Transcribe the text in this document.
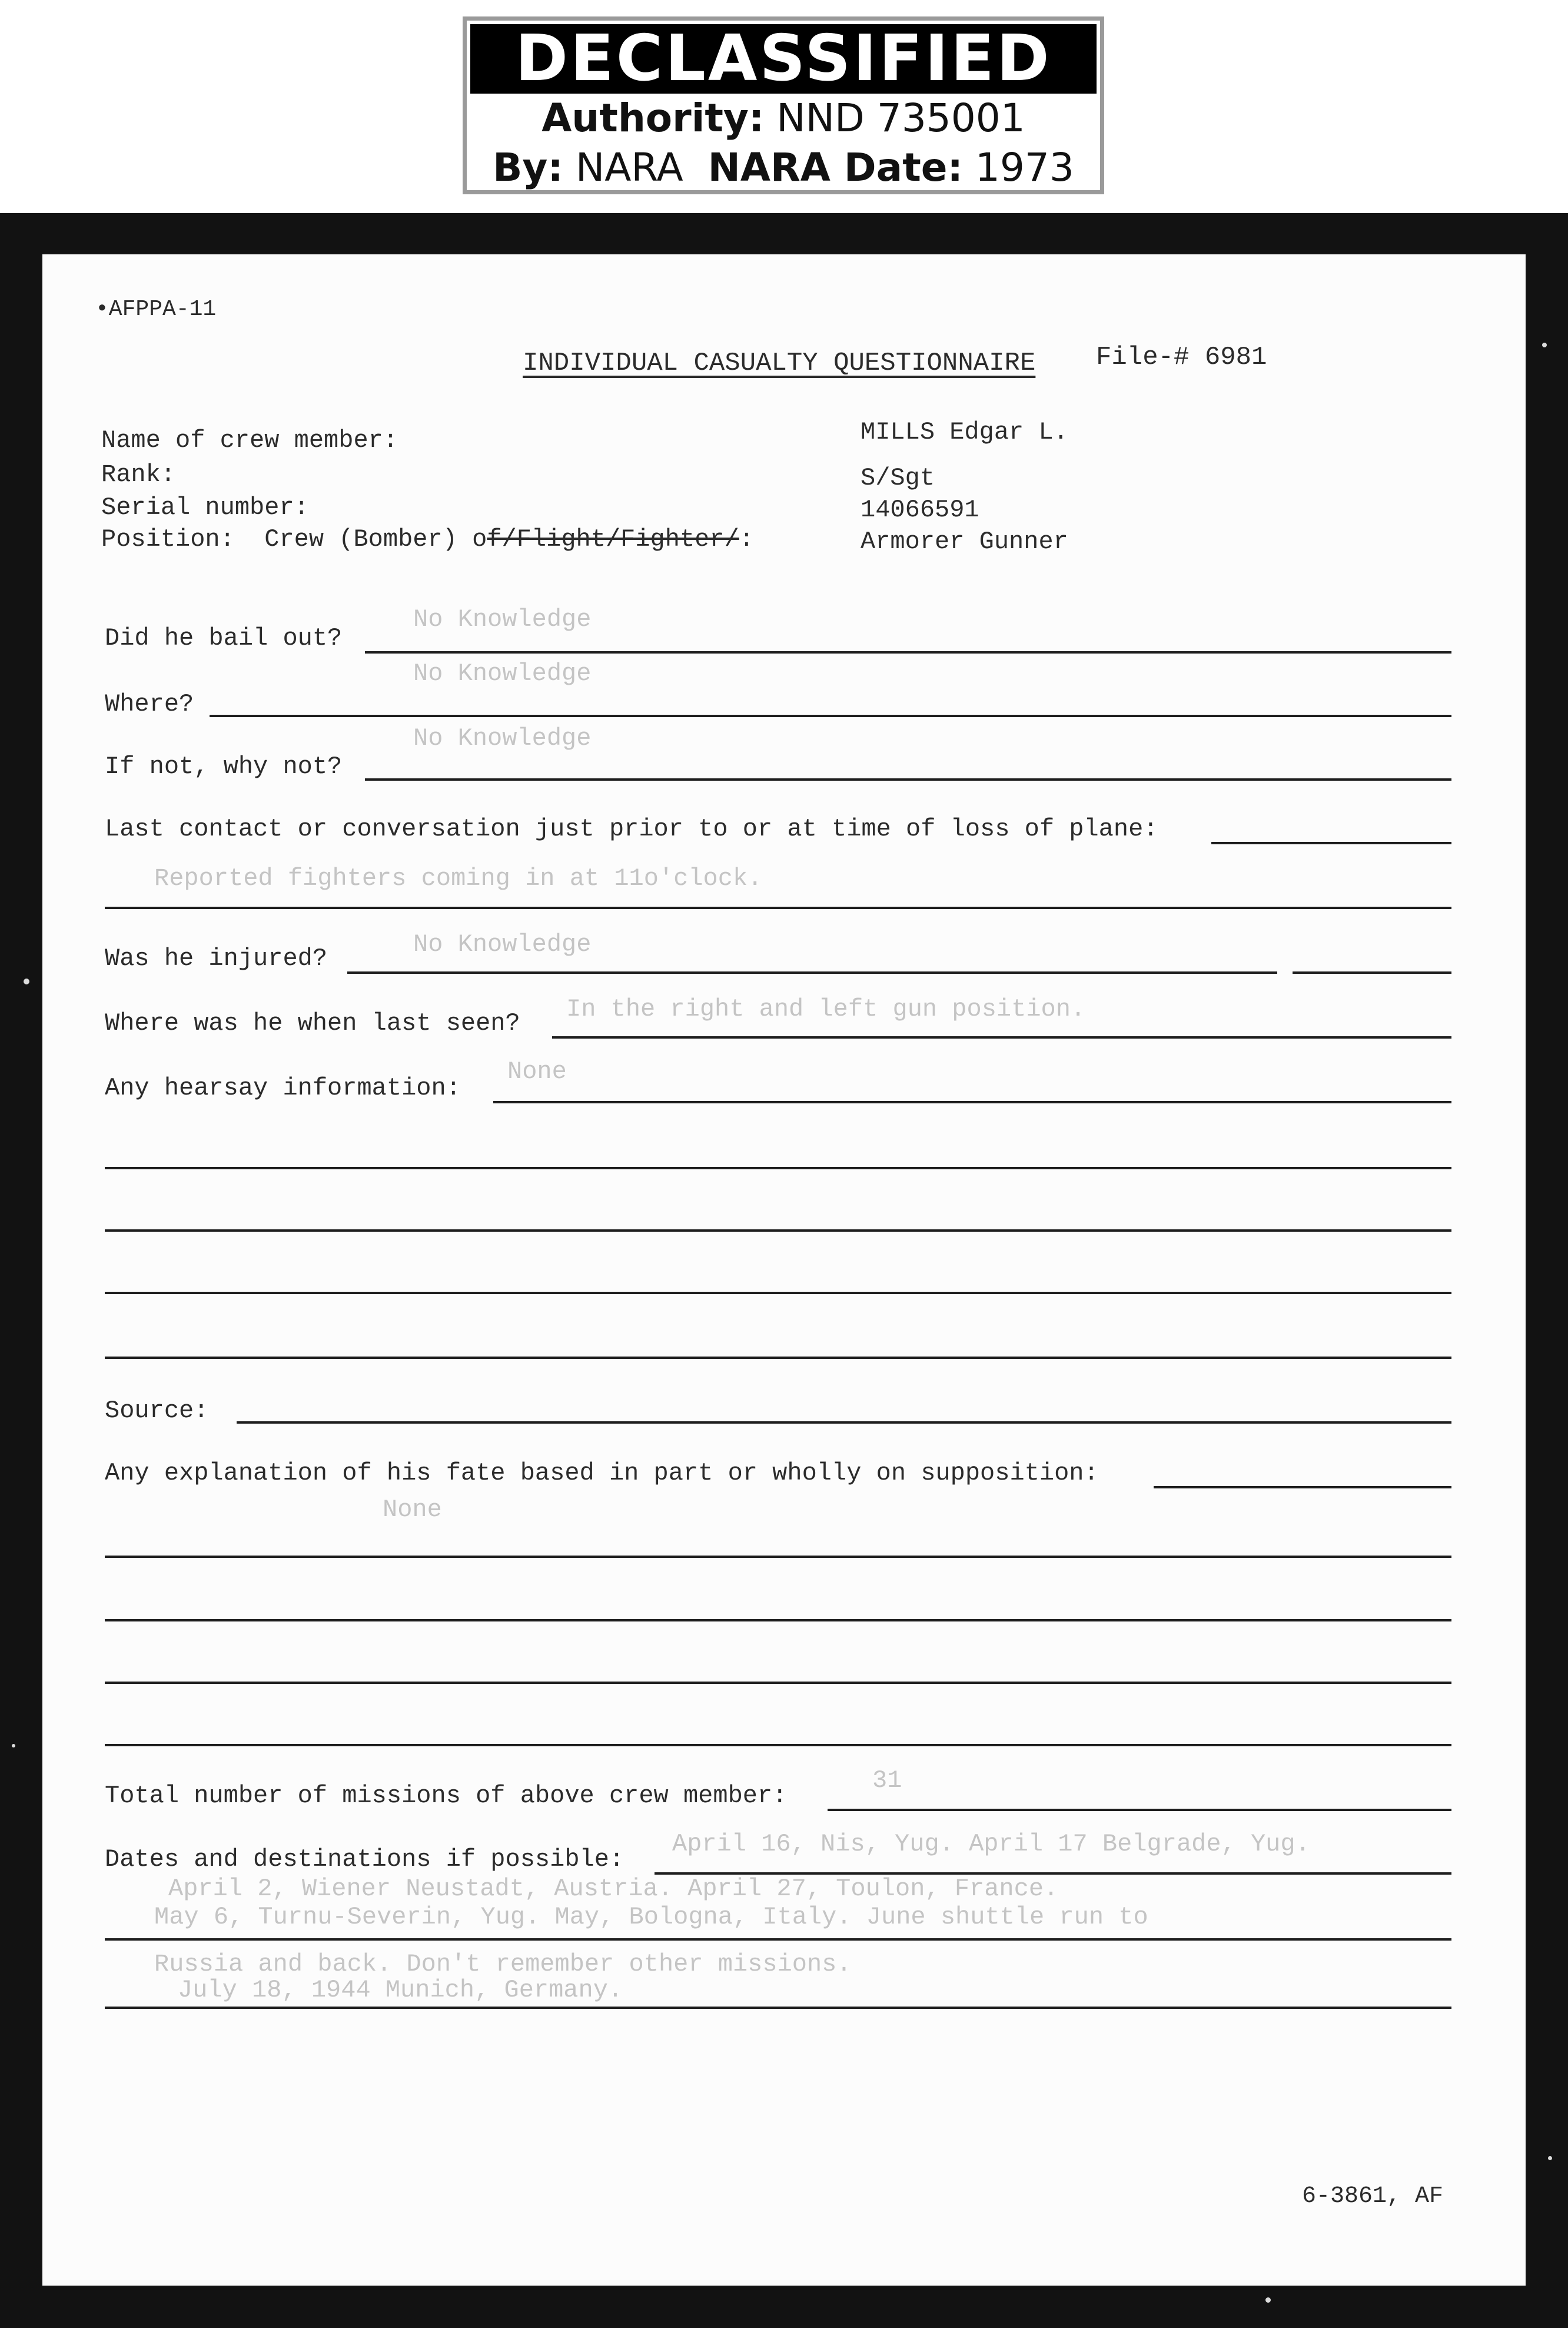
DECLASSIFIED
Authority: NND 735001
By: NARA NARA Date: 1973
•AFPPA-11
INDIVIDUAL CASUALTY QUESTIONNAIRE File-# 6981
Name of crew member:	MILLS Edgar L.
Rank:	S/Sgt
Serial number:	14066591
Position:  Crew (Bomber) of/Flight/Fighter/:	Armorer Gunner
Did he bail out?
No Knowledge
Where?
No Knowledge
If not, why not?
No Knowledge
Last contact or conversation just prior to or at time of loss of plane:
Reported fighters coming in at 11o'clock.
Was he injured?	No Knowledge
Where was he when last seen? In the right and left gun position.
Any hearsay information:
None
Source:
Any explanation of his fate based in part or wholly on supposition:
None
Total number of missions of above crew member:
31
Dates and destinations if possible:
April 16, Nis, Yug. April 17 Belgrade, Yug.
April 2, Wiener Neustadt, Austria. April 27, Toulon, France.
May 6, Turnu-Severin, Yug. May, Bologna, Italy. June shuttle run to
Russia and back. Don't remember other missions.
July 18, 1944 Munich, Germany.
6-3861, AF
